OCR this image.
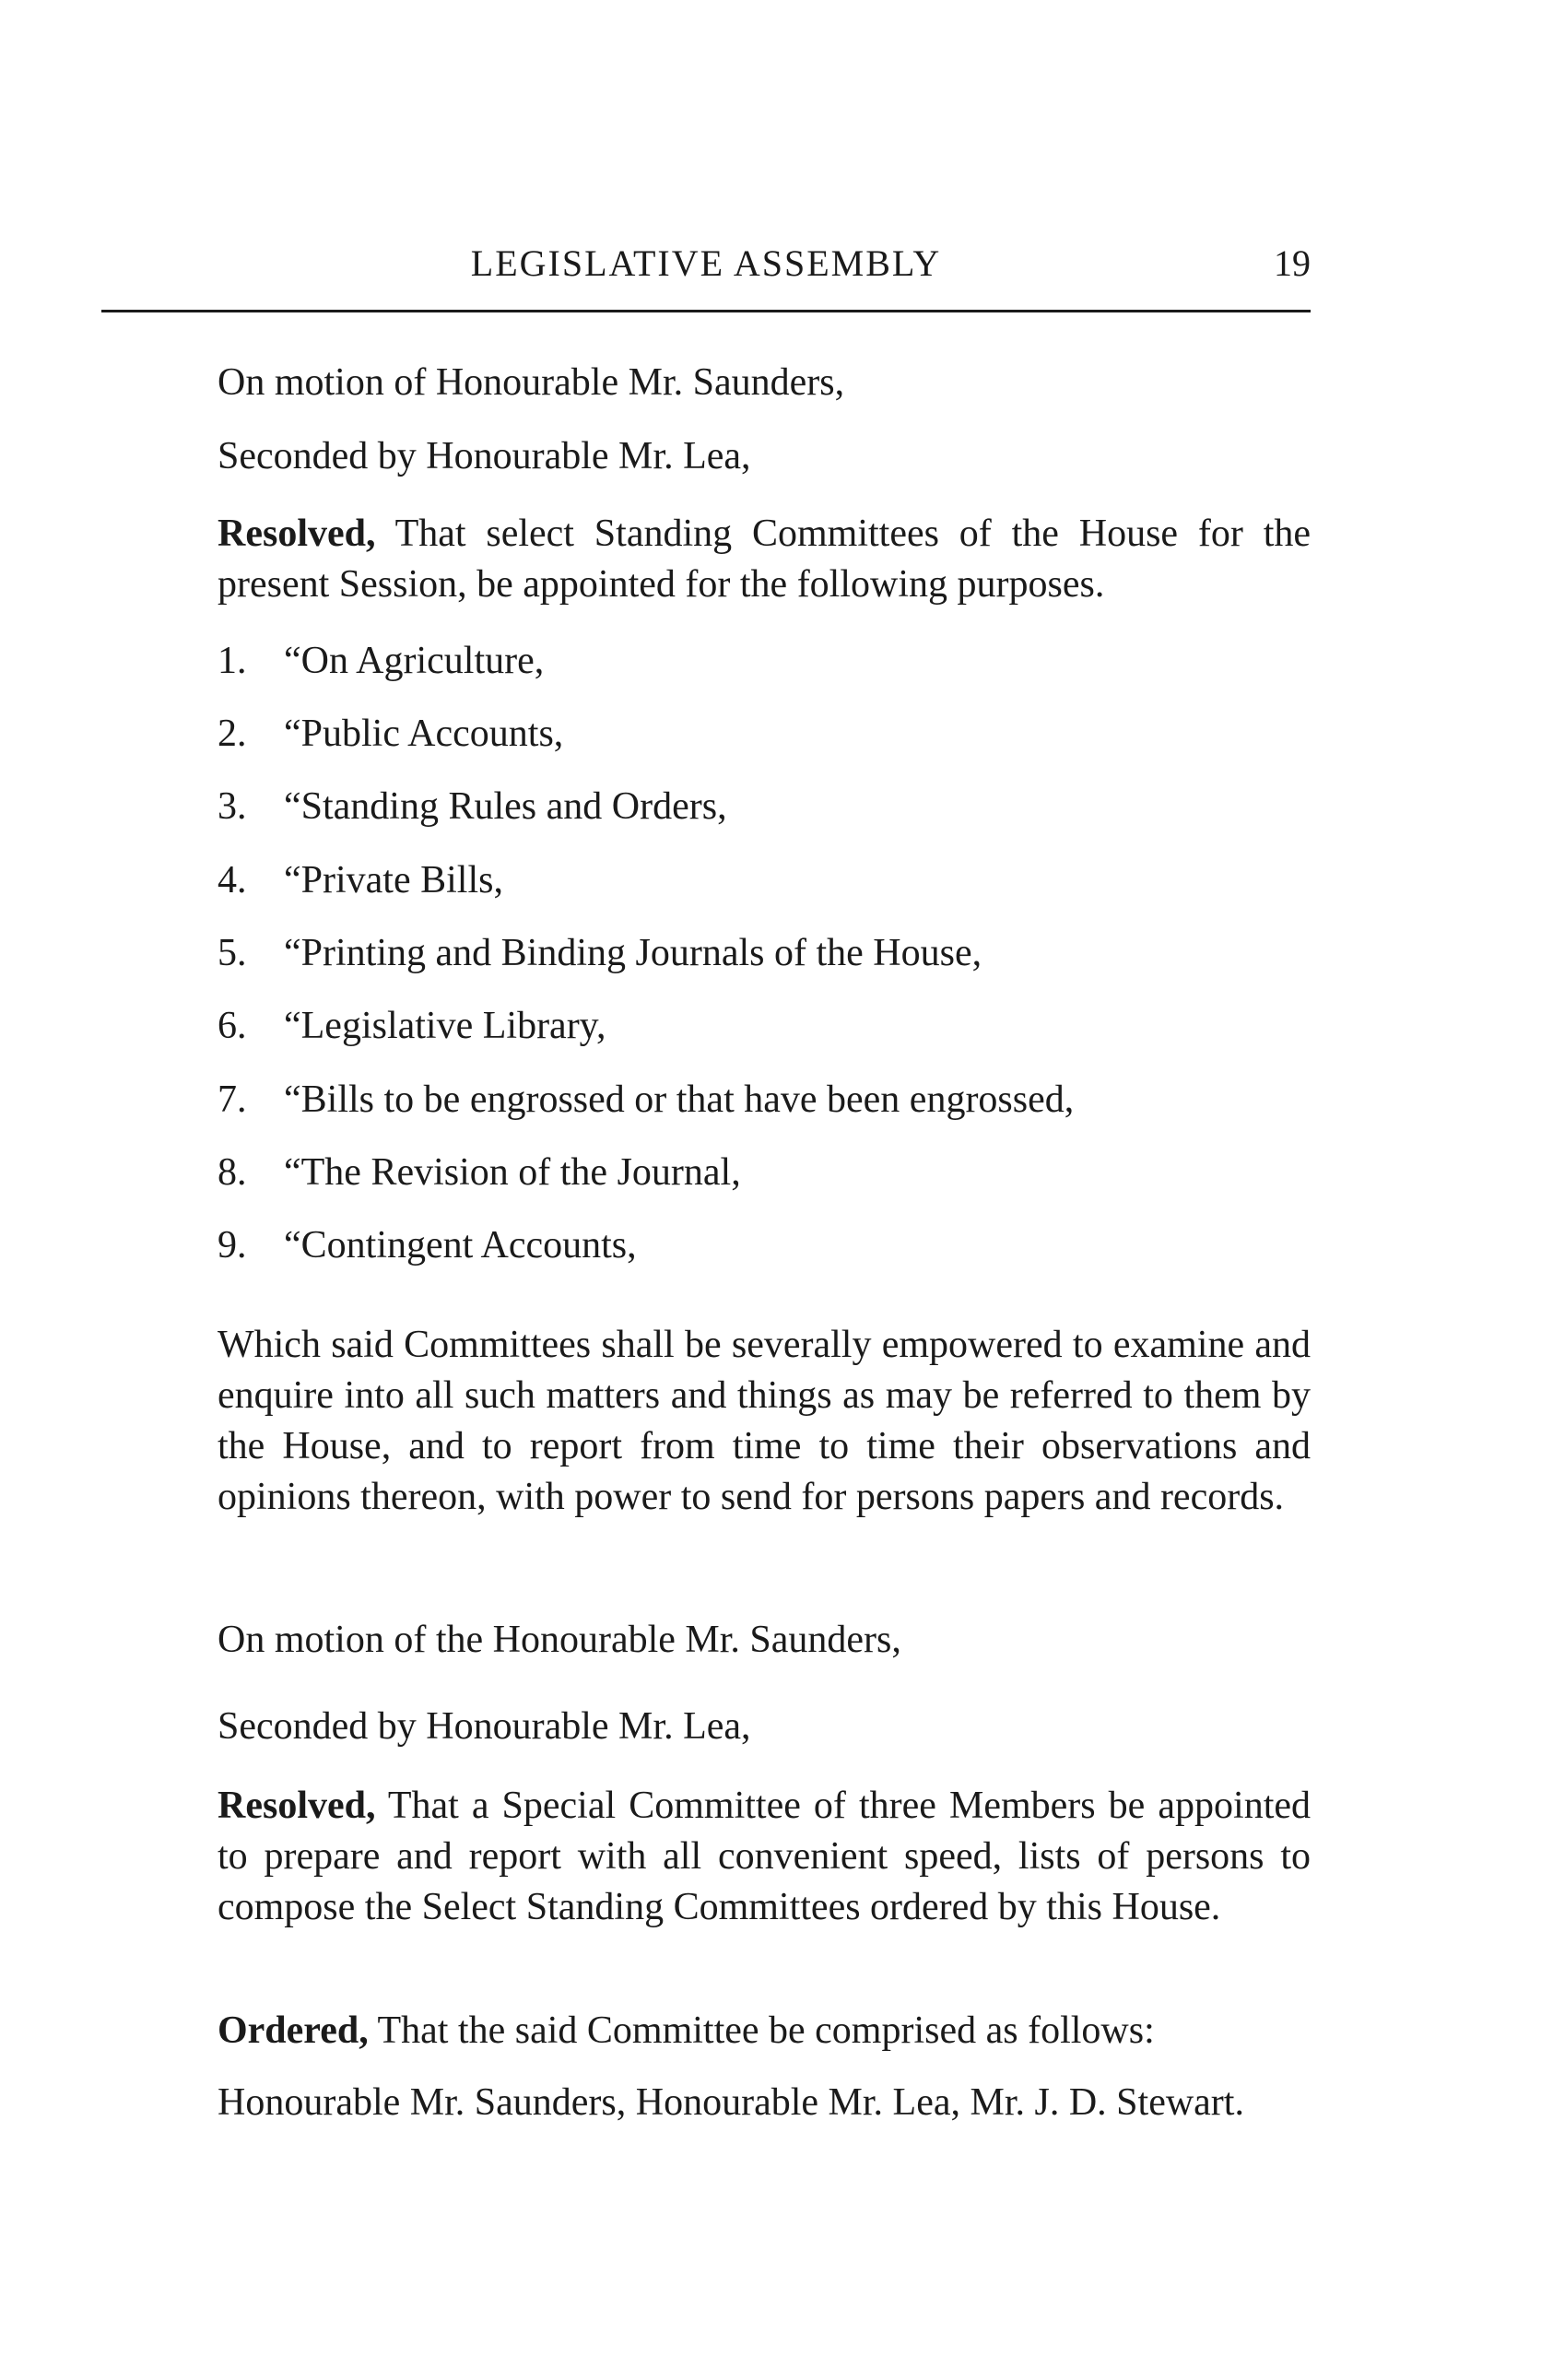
LEGISLATIVE ASSEMBLY	19

On motion of Honourable Mr. Saunders,

Seconded by Honourable Mr. Lea,

Resolved, That select Standing Committees of the House for the present Session, be appointed for the following purposes.

1. “On Agriculture,
2. “Public Accounts,
3. “Standing Rules and Orders,
4. “Private Bills,
5. “Printing and Binding Journals of the House,
6. “Legislative Library,
7. “Bills to be engrossed or that have been engrossed,
8. “The Revision of the Journal,
9. “Contingent Accounts,

Which said Committees shall be severally empowered to examine and enquire into all such matters and things as may be referred to them by the House, and to report from time to time their observations and opinions thereon, with power to send for persons papers and records.

On motion of the Honourable Mr. Saunders,

Seconded by Honourable Mr. Lea,

Resolved, That a Special Committee of three Members be appointed to prepare and report with all convenient speed, lists of persons to compose the Select Standing Committees ordered by this House.

Ordered, That the said Committee be comprised as follows:

Honourable Mr. Saunders, Honourable Mr. Lea, Mr. J. D. Stewart.
